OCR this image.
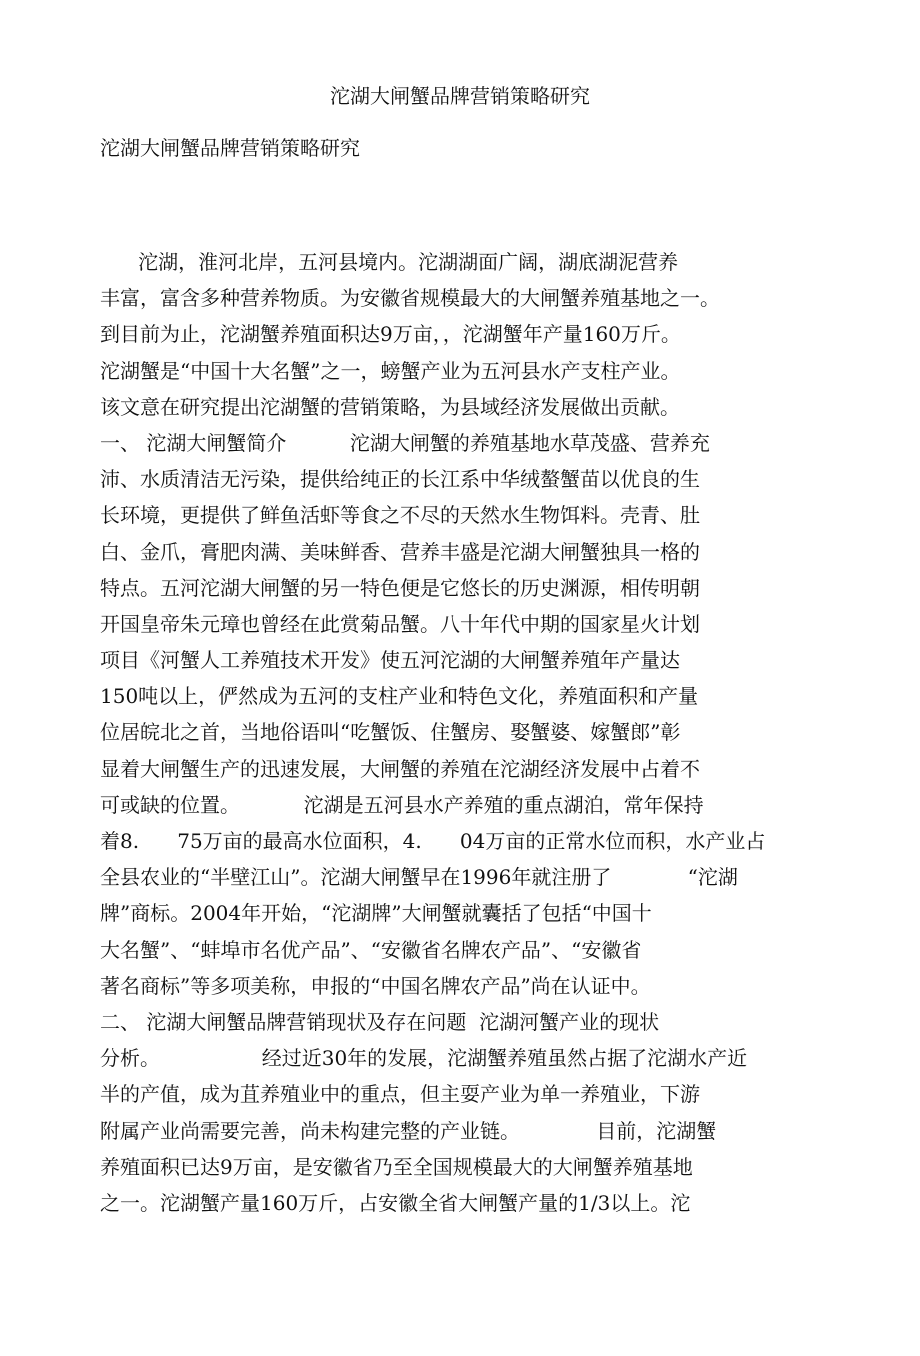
沱湖大闸蟹品牌营销策略研究
沱湖大闸蟹品牌营销策略研究
沱湖，淮河北岸，五河县境内。沱湖湖面广阔，湖底湖泥营养
丰富，富含多种营养物质。为安徽省规模最大的大闸蟹养殖基地之一。
到目前为止，沱湖蟹养殖面积达9万亩，，沱湖蟹年产量160万斤。
沱湖蟹是“中国十大名蟹”之一，螃蟹产业为五河县水产支柱产业。
该文意在研究提出沱湖蟹的营销策略，为县域经济发展做出贡献。
一、 沱湖大闸蟹简介          沱湖大闸蟹的养殖基地水草茂盛、营养充
沛、水质清洁无污染，提供给纯正的长江系中华绒螯蟹苗以优良的生
长环境，更提供了鲜鱼活虾等食之不尽的天然水生物饵料。壳青、肚
白、金爪，膏肥肉满、美味鲜香、营养丰盛是沱湖大闸蟹独具一格的
特点。五河沱湖大闸蟹的另一特色便是它悠长的历史渊源，相传明朝
开国皇帝朱元璋也曾经在此赏菊品蟹。八十年代中期的国家星火计划
项目《河蟹人工养殖技术开发》使五河沱湖的大闸蟹养殖年产量达
150吨以上，俨然成为五河的支柱产业和特色文化，养殖面积和产量
位居皖北之首，当地俗语叫“吃蟹饭、住蟹房、娶蟹婆、嫁蟹郎”彰
显着大闸蟹生产的迅速发展，大闸蟹的养殖在沱湖经济发展中占着不
可或缺的位置。          沱湖是五河县水产养殖的重点湖泊，常年保持
着8.      75万亩的最高水位面积，4.      04万亩的正常水位而积，水产业占
全县农业的“半壁江山”。沱湖大闸蟹早在1996年就注册了            “沱湖
牌”商标。2004年开始，“沱湖牌”大闸蟹就囊括了包括“中国十
大名蟹”、“蚌埠市名优产品”、“安徽省名牌农产品”、“安徽省
著名商标”等多项美称，申报的“中国名牌农产品”尚在认证中。
二、 沱湖大闸蟹品牌营销现状及存在问题  沱湖河蟹产业的现状
分析。                经过近30年的发展，沱湖蟹养殖虽然占据了沱湖水产近
半的产值，成为苴养殖业中的重点，但主耍产业为单一养殖业，下游
附属产业尚需要完善，尚未构建完整的产业链。            目前，沱湖蟹
养殖面积已达9万亩，是安徽省乃至全国规模最大的大闸蟹养殖基地
之一。沱湖蟹产量160万斤，占安徽全省大闸蟹产量的1/3以上。沱
